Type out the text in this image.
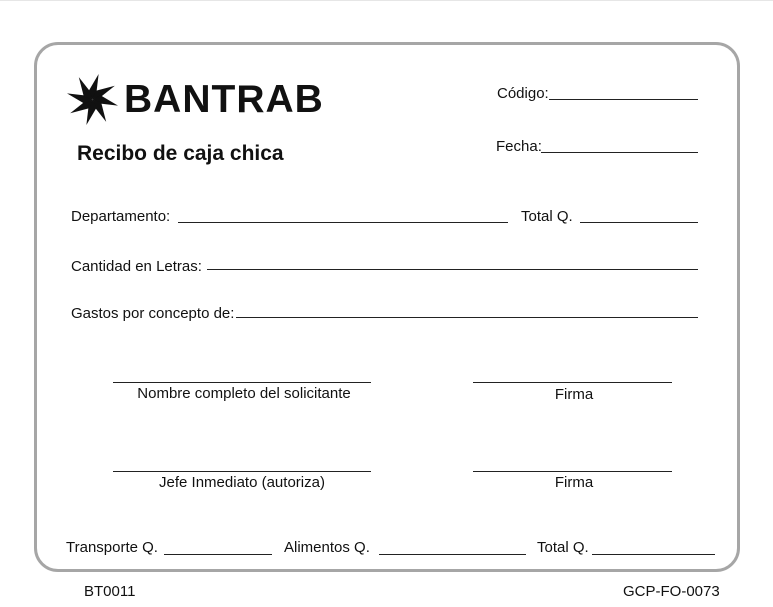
BANTRAB
Recibo de caja chica
Código:
Fecha:
Departamento:	Total Q.
Cantidad en Letras:
Gastos por concepto de:
Nombre completo del solicitante	Firma
Jefe Inmediato (autoriza)	Firma
Transporte Q.	Alimentos Q.	Total Q.
BT0011	GCP-FO-0073
